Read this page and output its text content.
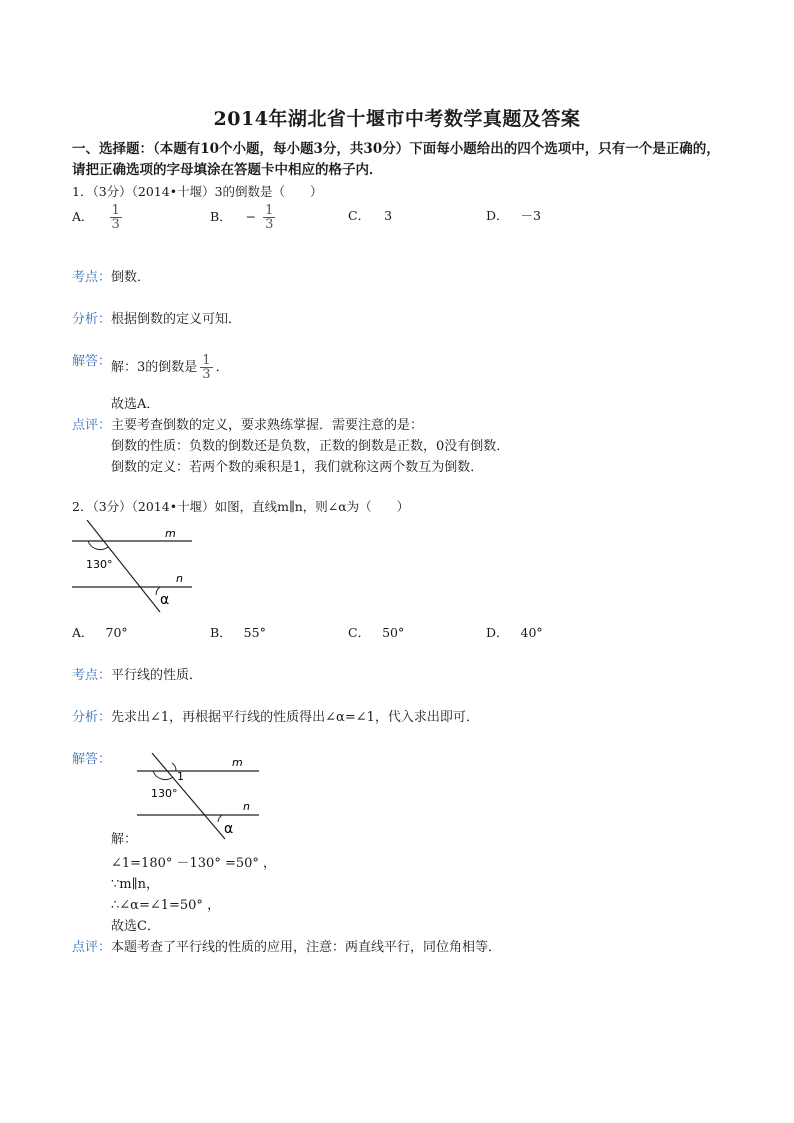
2014年湖北省十堰市中考数学真题及答案
一、选择题：（本题有10个小题，每小题3分，共30分）下面每小题给出的四个选项中，只有一个是正确的，请把正确选项的字母填涂在答题卡中相应的格子内．
1．（3分）（2014•十堰）3的倒数是（　　）
A． $\frac{1}{3}$	B． − $\frac{1}{3}$	C． 3	D． －3
考点： 倒数．
分析： 根据倒数的定义可知．
解答： 解：3的倒数是 $\frac{1}{3}$ ．
故选A．
点评： 主要考查倒数的定义，要求熟练掌握．需要注意的是：
倒数的性质：负数的倒数还是负数，正数的倒数是正数，0没有倒数．
倒数的定义：若两个数的乘积是1，我们就称这两个数互为倒数．
2．（3分）（2014•十堰）如图，直线m∥n，则∠α为（　　）
m
n
130°
α
A． 70°	B． 55°	C． 50°	D． 40°
考点： 平行线的性质．
分析： 先求出∠1，再根据平行线的性质得出∠α=∠1，代入求出即可．
解答：	m
n
1
130°
α
解：
∠1=180° －130° =50° ，
∵m∥n，
∴∠α=∠1=50° ，
故选C．
点评： 本题考查了平行线的性质的应用，注意：两直线平行，同位角相等．
